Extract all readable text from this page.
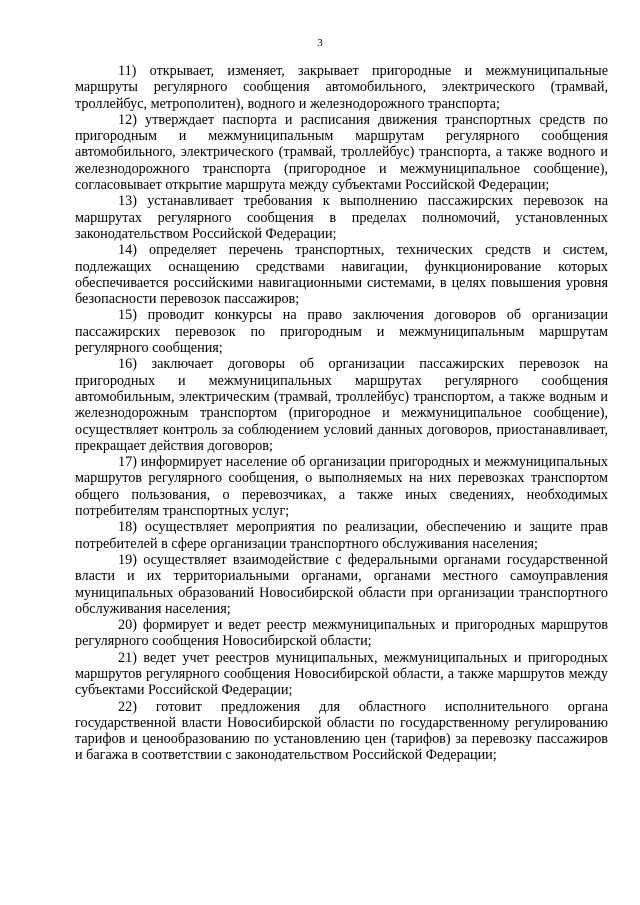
3

11) открывает, изменяет, закрывает пригородные и межмуниципальные маршруты регулярного сообщения автомобильного, электрического (трамвай, троллейбус, метрополитен), водного и железнодорожного транспорта;

12) утверждает паспорта и расписания движения транспортных средств по пригородным и межмуниципальным маршрутам регулярного сообщения автомобильного, электрического (трамвай, троллейбус) транспорта, а также водного и железнодорожного транспорта (пригородное и межмуниципальное сообщение), согласовывает открытие маршрута между субъектами Российской Федерации;

13) устанавливает требования к выполнению пассажирских перевозок на маршрутах регулярного сообщения в пределах полномочий, установленных законодательством Российской Федерации;

14) определяет перечень транспортных, технических средств и систем, подлежащих оснащению средствами навигации, функционирование которых обеспечивается российскими навигационными системами, в целях повышения уровня безопасности перевозок пассажиров;

15) проводит конкурсы на право заключения договоров об организации пассажирских перевозок по пригородным и межмуниципальным маршрутам регулярного сообщения;

16) заключает договоры об организации пассажирских перевозок на пригородных и межмуниципальных маршрутах регулярного сообщения автомобильным, электрическим (трамвай, троллейбус) транспортом, а также водным и железнодорожным транспортом (пригородное и межмуниципальное сообщение), осуществляет контроль за соблюдением условий данных договоров, приостанавливает, прекращает действия договоров;

17) информирует население об организации пригородных и межмуниципальных маршрутов регулярного сообщения, о выполняемых на них перевозках транспортом общего пользования, о перевозчиках, а также иных сведениях, необходимых потребителям транспортных услуг;

18) осуществляет мероприятия по реализации, обеспечению и защите прав потребителей в сфере организации транспортного обслуживания населения;

19) осуществляет взаимодействие с федеральными органами государственной власти и их территориальными органами, органами местного самоуправления муниципальных образований Новосибирской области при организации транспортного обслуживания населения;

20) формирует и ведет реестр межмуниципальных и пригородных маршрутов регулярного сообщения Новосибирской области;

21) ведет учет реестров муниципальных, межмуниципальных и пригородных маршрутов регулярного сообщения Новосибирской области, а также маршрутов между субъектами Российской Федерации;

22) готовит предложения для областного исполнительного органа государственной власти Новосибирской области по государственному регулированию тарифов и ценообразованию по установлению цен (тарифов) за перевозку пассажиров и багажа в соответствии с законодательством Российской Федерации;
